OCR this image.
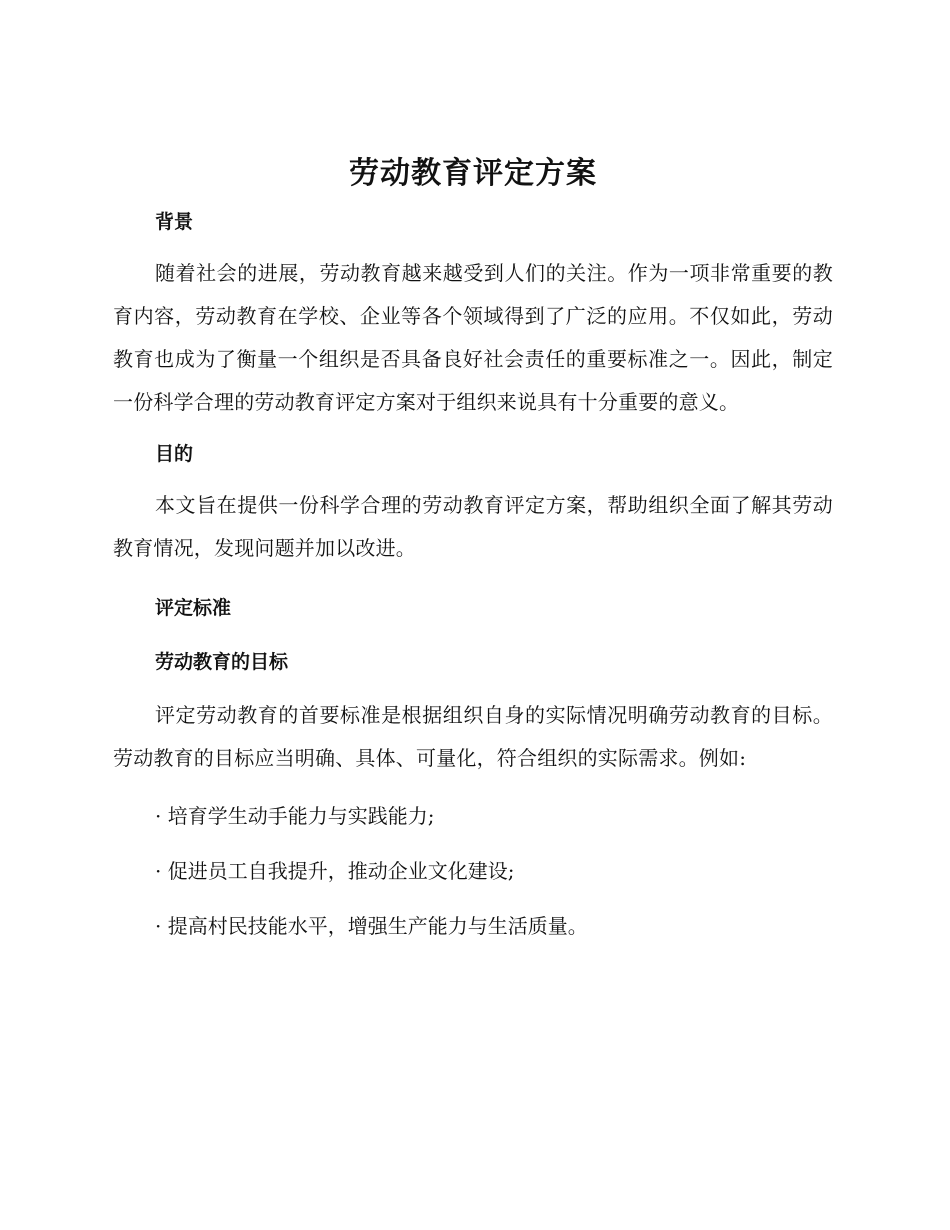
劳动教育评定方案
背景

随着社会的进展，劳动教育越来越受到人们的关注。作为一项非常重要的教育内容，劳动教育在学校、企业等各个领域得到了广泛的应用。不仅如此，劳动教育也成为了衡量一个组织是否具备良好社会责任的重要标准之一。因此，制定一份科学合理的劳动教育评定方案对于组织来说具有十分重要的意义。

目的

本文旨在提供一份科学合理的劳动教育评定方案，帮助组织全面了解其劳动教育情况，发现问题并加以改进。

评定标准
劳动教育的目标

评定劳动教育的首要标准是根据组织自身的实际情况明确劳动教育的目标。劳动教育的目标应当明确、具体、可量化，符合组织的实际需求。例如:

· 培育学生动手能力与实践能力;

· 促进员工自我提升，推动企业文化建设;

· 提高村民技能水平，增强生产能力与生活质量。
